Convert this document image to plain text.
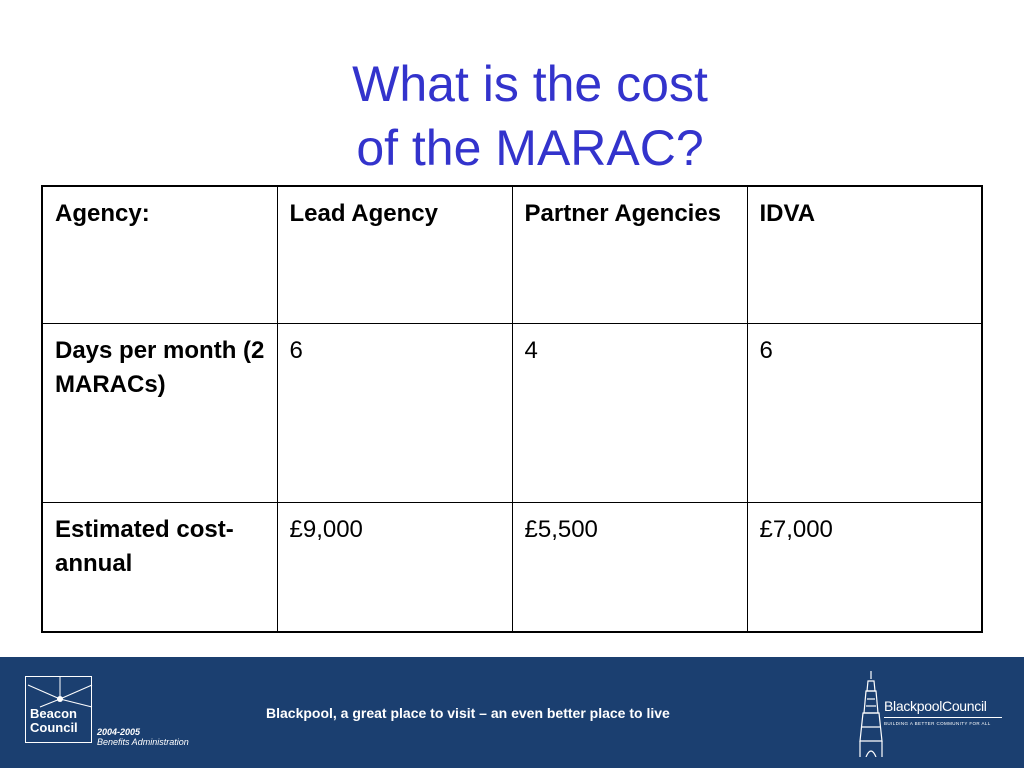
What is the cost
of the MARAC?
Agency:	Lead Agency	Partner Agencies	IDVA
Days per month (2 MARACs)	6	4	6
Estimated cost- annual	£9,000	£5,500	£7,000
Beacon
Council 2004-2005
Benefits Administration
Blackpool, a great place to visit – an even better place to live	BlackpoolCouncil
BUILDING A BETTER COMMUNITY FOR ALL
